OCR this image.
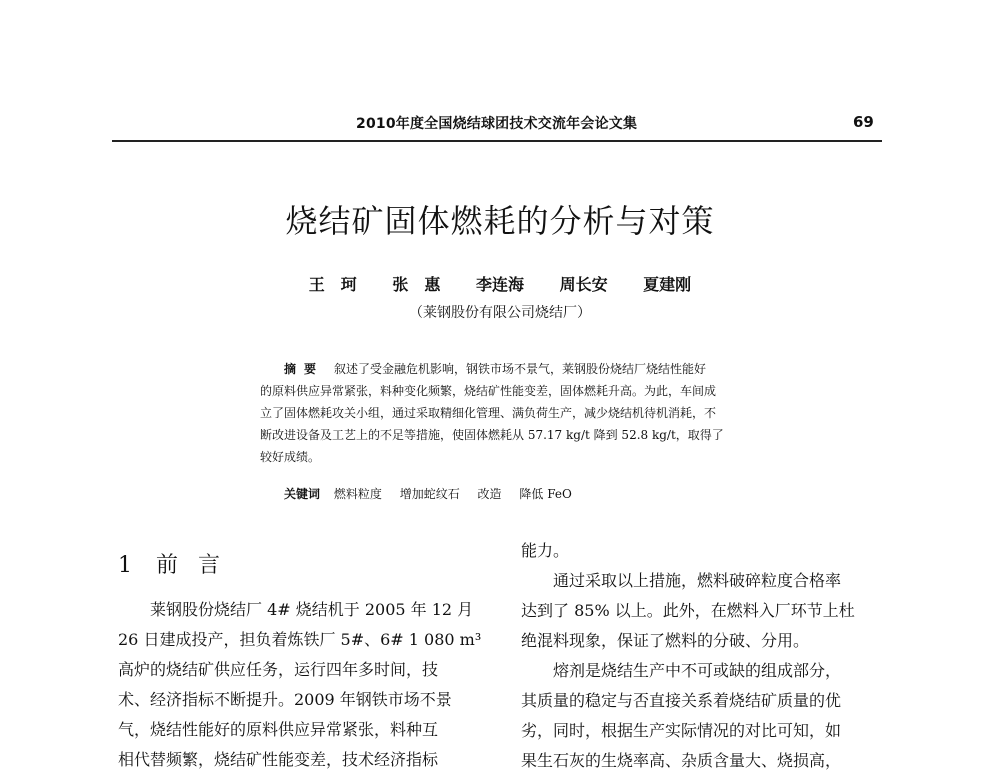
2010年度全国烧结球团技术交流年会论文集	69
烧结矿固体燃耗的分析与对策
王　珂 张　惠 李连海 周长安 夏建刚
（莱钢股份有限公司烧结厂）
摘要 叙述了受金融危机影响，钢铁市场不景气，莱钢股份烧结厂烧结性能好
的原料供应异常紧张，料种变化频繁，烧结矿性能变差，固体燃耗升高。为此，车间成
立了固体燃耗攻关小组，通过采取精细化管理、满负荷生产，减少烧结机待机消耗，不
断改进设备及工艺上的不足等措施，使固体燃耗从 57.17 kg/t 降到 52.8 kg/t，取得了
较好成绩。
关键词 燃料粒度 增加蛇纹石 改造 降低 FeO
1 前言
　　莱钢股份烧结厂 4# 烧结机于 2005 年 12 月
26 日建成投产，担负着炼铁厂 5#、6# 1 080 m³
高炉的烧结矿供应任务，运行四年多时间，技
术、经济指标不断提升。2009 年钢铁市场不景
气，烧结性能好的原料供应异常紧张，料种互
相代替频繁，烧结矿性能变差，技术经济指标
能力。
　　通过采取以上措施，燃料破碎粒度合格率
达到了 85% 以上。此外，在燃料入厂环节上杜
绝混料现象，保证了燃料的分破、分用。
　　熔剂是烧结生产中不可或缺的组成部分，
其质量的稳定与否直接关系着烧结矿质量的优
劣，同时，根据生产实际情况的对比可知，如
果生石灰的生烧率高、杂质含量大、烧损高，
